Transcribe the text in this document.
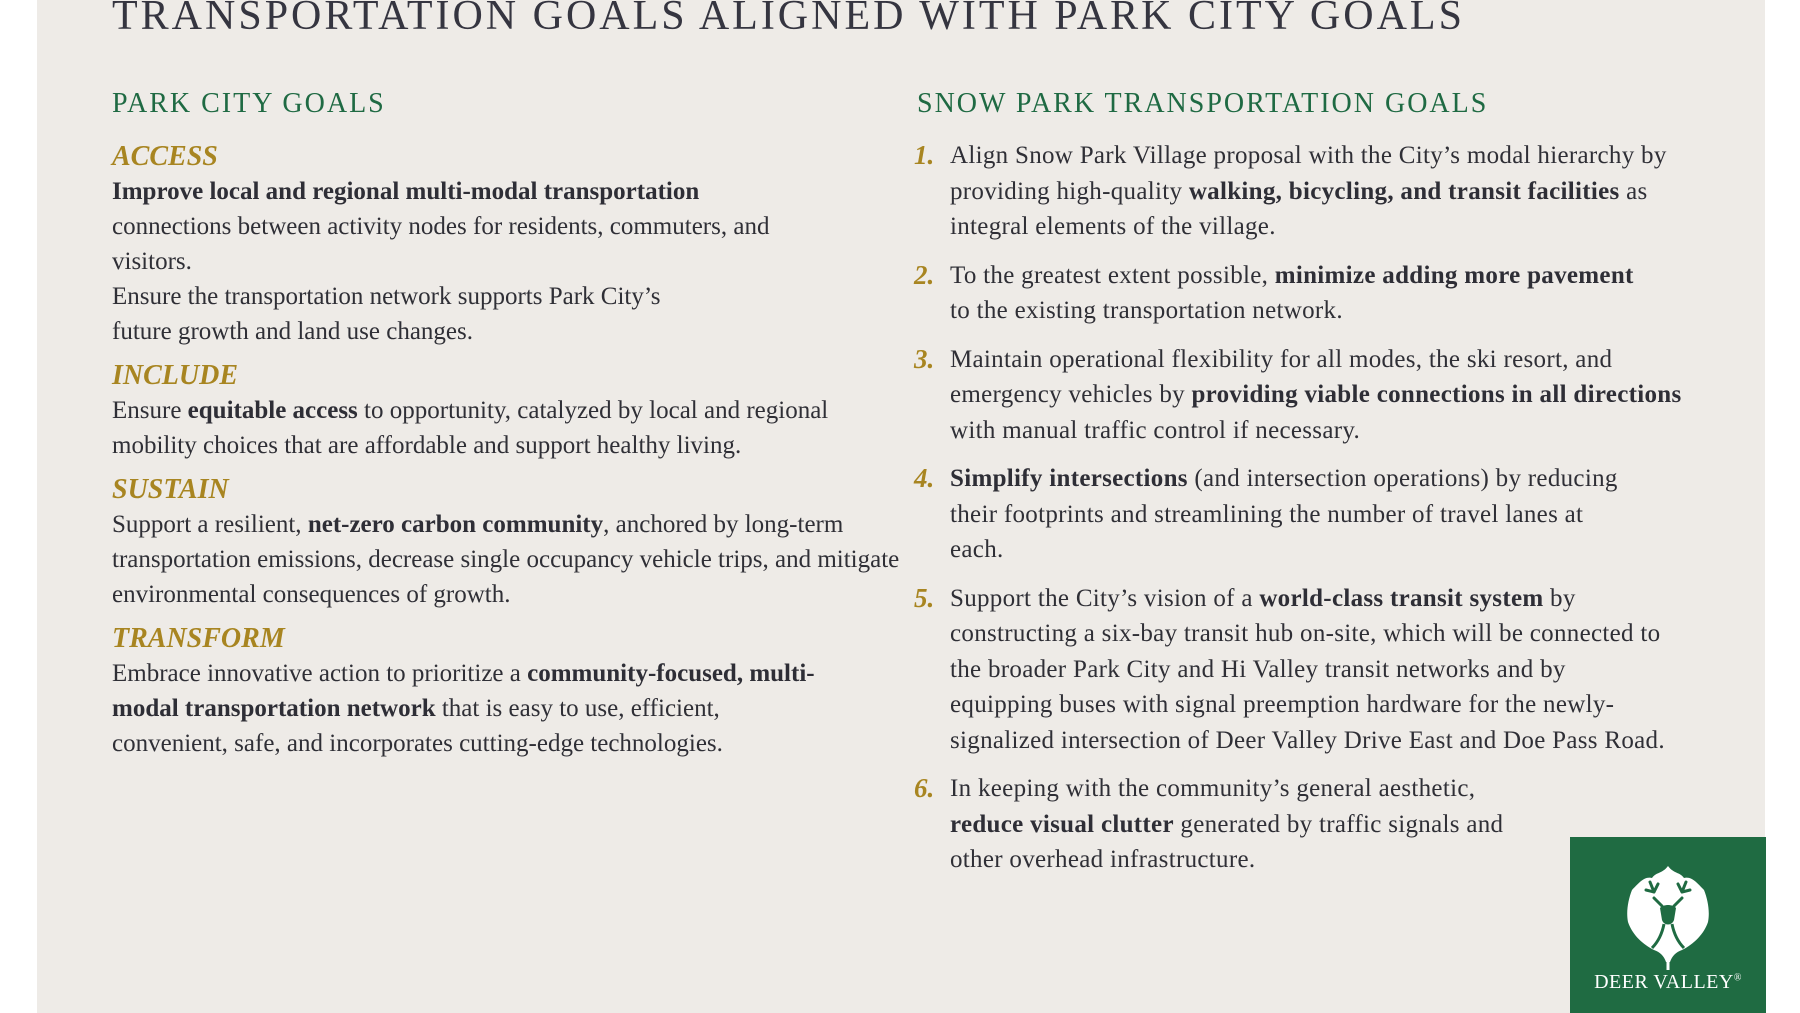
TRANSPORTATION GOALS ALIGNED WITH PARK CITY GOALS
PARK CITY GOALS	SNOW PARK TRANSPORTATION GOALS

ACCESS

Improve local and regional multi-modal transportation connections between activity nodes for residents, commuters, and visitors.

Ensure the transportation network supports Park City’s future growth and land use changes.

INCLUDE

Ensure equitable access to opportunity, catalyzed by local and regional mobility choices that are affordable and support healthy living.

SUSTAIN

Support a resilient, net-zero carbon community, anchored by long-term transportation emissions, decrease single occupancy vehicle trips, and mitigate environmental consequences of growth.

TRANSFORM

Embrace innovative action to prioritize a community-focused, multi-modal transportation network that is easy to use, efficient, convenient, safe, and incorporates cutting-edge technologies.

1. Align Snow Park Village proposal with the City’s modal hierarchy by providing high-quality walking, bicycling, and transit facilities as integral elements of the village.
2. To the greatest extent possible, minimize adding more pavement to the existing transportation network.
3. Maintain operational flexibility for all modes, the ski resort, and emergency vehicles by providing viable connections in all directions with manual traffic control if necessary.
4. Simplify intersections (and intersection operations) by reducing their footprints and streamlining the number of travel lanes at each.
5. Support the City’s vision of a world-class transit system by constructing a six-bay transit hub on-site, which will be connected to the broader Park City and Hi Valley transit networks and by equipping buses with signal preemption hardware for the newly-signalized intersection of Deer Valley Drive East and Doe Pass Road.
6. In keeping with the community’s general aesthetic, reduce visual clutter generated by traffic signals and other overhead infrastructure.
DEER VALLEY®
